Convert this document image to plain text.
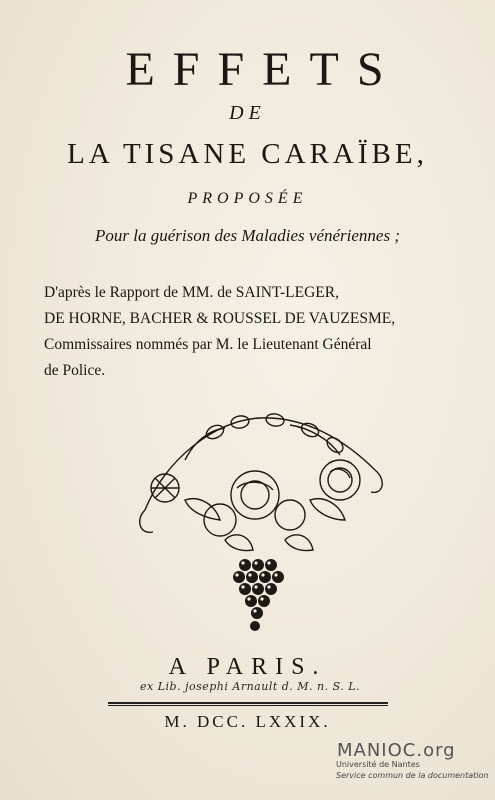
EFFETS
DE
LA TISANE CARAÏBE,
PROPOSÉE
Pour la guérison des Maladies vénériennes ;
D'après le Rapport de MM. de SAINT-LEGER,
DE HORNE, BACHER & ROUSSEL DE VAUZESME,
Commissaires nommés par M. le Lieutenant Général
de Police.
A PARIS.
ex Lib. josephi Arnault d. M. n. S. L.
M. DCC. LXXIX.
MANIOC.org
Université de Nantes
Service commun de la documentation
